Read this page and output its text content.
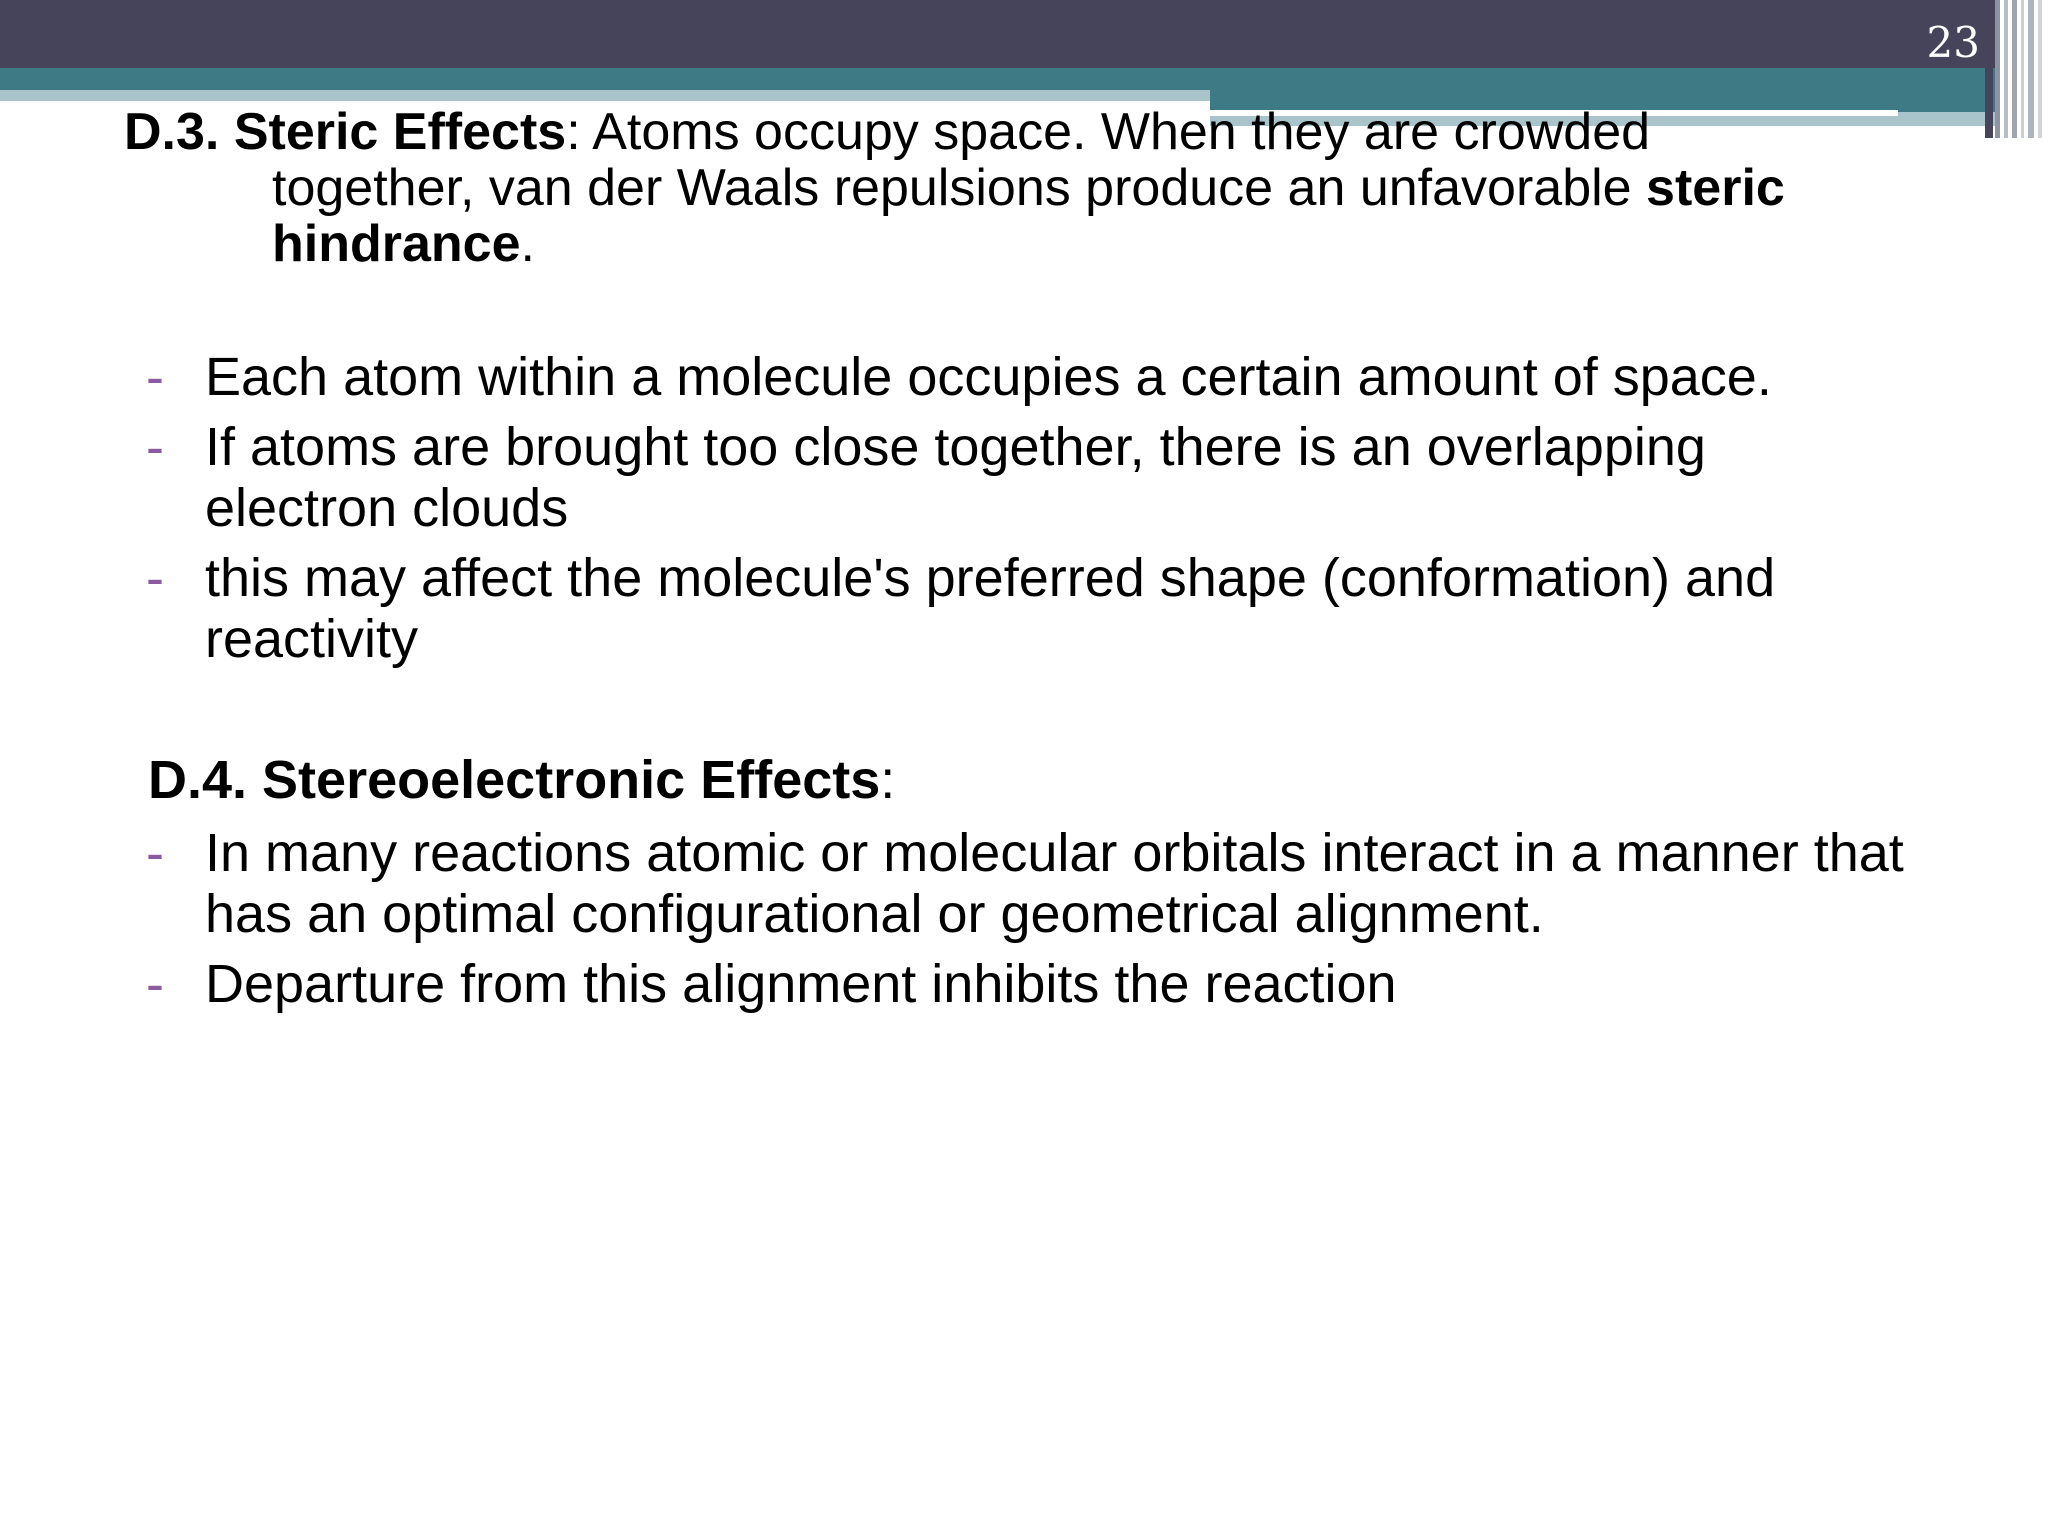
23
D.3. Steric Effects: Atoms occupy space. When they are crowded
together, van der Waals repulsions produce an unfavorable steric
hindrance.
- Each atom within a molecule occupies a certain amount of space.
- If atoms are brought too close together, there is an overlapping electron clouds
- this may affect the molecule's preferred shape (conformation) and reactivity
D.4. Stereoelectronic Effects:
- In many reactions atomic or molecular orbitals interact in a manner that has an optimal configurational or geometrical alignment.
- Departure from this alignment inhibits the reaction
